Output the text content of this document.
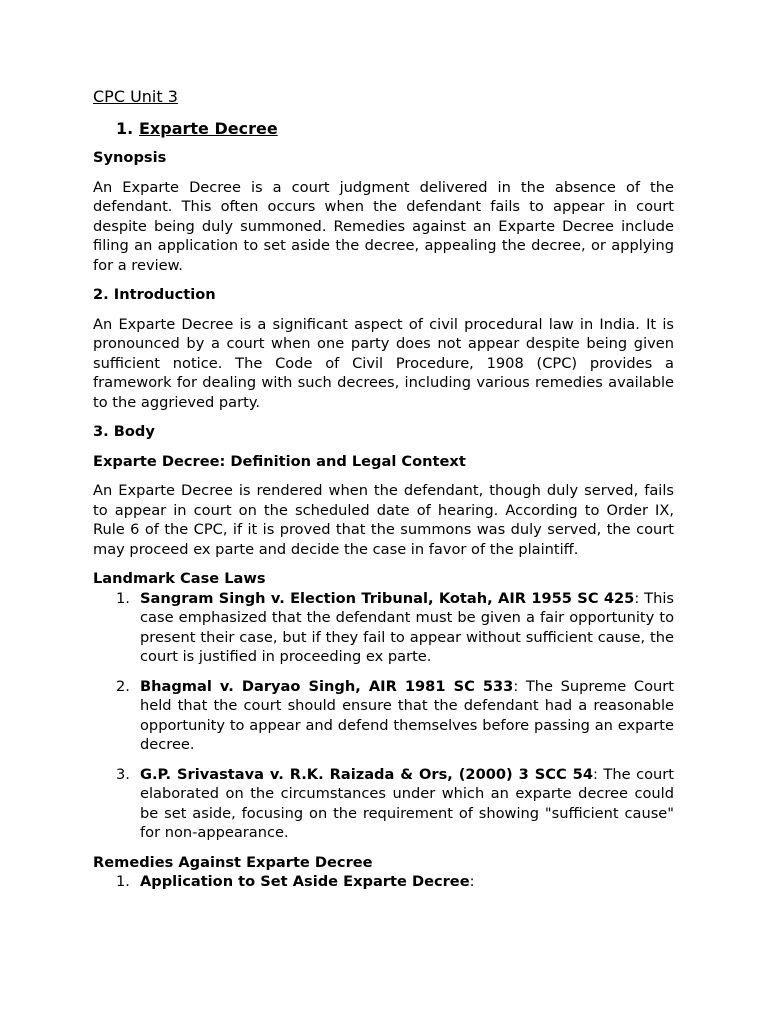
CPC Unit 3
1. Exparte Decree
Synopsis

An Exparte Decree is a court judgment delivered in the absence of the defendant. This often occurs when the defendant fails to appear in court despite being duly summoned. Remedies against an Exparte Decree include filing an application to set aside the decree, appealing the decree, or applying for a review.

2. Introduction

An Exparte Decree is a significant aspect of civil procedural law in India. It is pronounced by a court when one party does not appear despite being given sufficient notice. The Code of Civil Procedure, 1908 (CPC) provides a framework for dealing with such decrees, including various remedies available to the aggrieved party.

3. Body
Exparte Decree: Definition and Legal Context

An Exparte Decree is rendered when the defendant, though duly served, fails to appear in court on the scheduled date of hearing. According to Order IX, Rule 6 of the CPC, if it is proved that the summons was duly served, the court may proceed ex parte and decide the case in favor of the plaintiff.

Landmark Case Laws
1. Sangram Singh v. Election Tribunal, Kotah, AIR 1955 SC 425: This case emphasized that the defendant must be given a fair opportunity to present their case, but if they fail to appear without sufficient cause, the court is justified in proceeding ex parte.
2. Bhagmal v. Daryao Singh, AIR 1981 SC 533: The Supreme Court held that the court should ensure that the defendant had a reasonable opportunity to appear and defend themselves before passing an exparte decree.
3. G.P. Srivastava v. R.K. Raizada & Ors, (2000) 3 SCC 54: The court elaborated on the circumstances under which an exparte decree could be set aside, focusing on the requirement of showing "sufficient cause" for non-appearance.
Remedies Against Exparte Decree
1. Application to Set Aside Exparte Decree:
